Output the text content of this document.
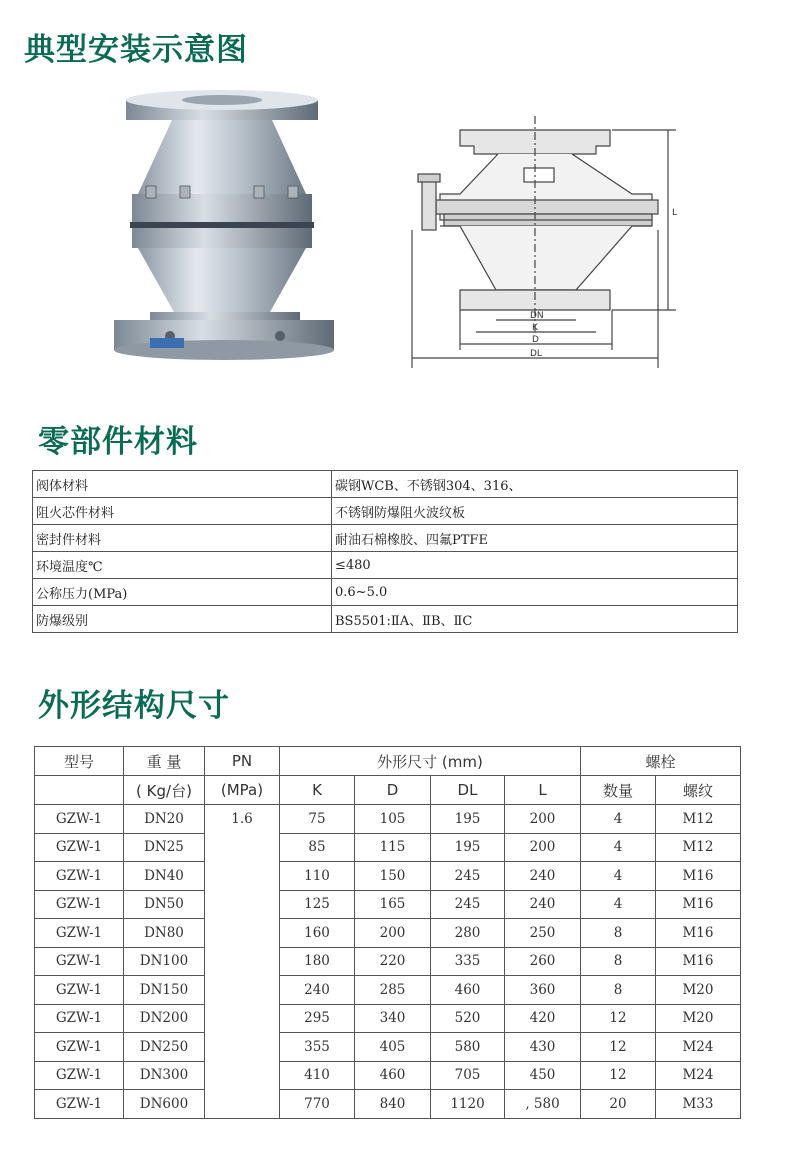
典型安装示意图
DN
K
D
DL
L
零部件材料
阀体材料	碳钢WCB、不锈钢304、316、
阻火芯件材料	不锈钢防爆阻火波纹板
密封件材料	耐油石棉橡胶、四氟PTFE
环境温度℃	≤480
公称压力(MPa)	0.6~5.0
防爆级别	BS5501:ⅡA、ⅡB、ⅡC
外形结构尺寸
型号	重 量	PN	外形尺寸 (mm)				螺栓	
	( Kg/台)	(MPa)	K	D	DL	L	数量	螺纹
GZW-1	DN20	1.6	75	105	195	200	4	M12
GZW-1	DN25		85	115	195	200	4	M12
GZW-1	DN40		110	150	245	240	4	M16
GZW-1	DN50		125	165	245	240	4	M16
GZW-1	DN80		160	200	280	250	8	M16
GZW-1	DN100		180	220	335	260	8	M16
GZW-1	DN150		240	285	460	360	8	M20
GZW-1	DN200		295	340	520	420	12	M20
GZW-1	DN250		355	405	580	430	12	M24
GZW-1	DN300		410	460	705	450	12	M24
GZW-1	DN600		770	840	1120	, 580	20	M33
